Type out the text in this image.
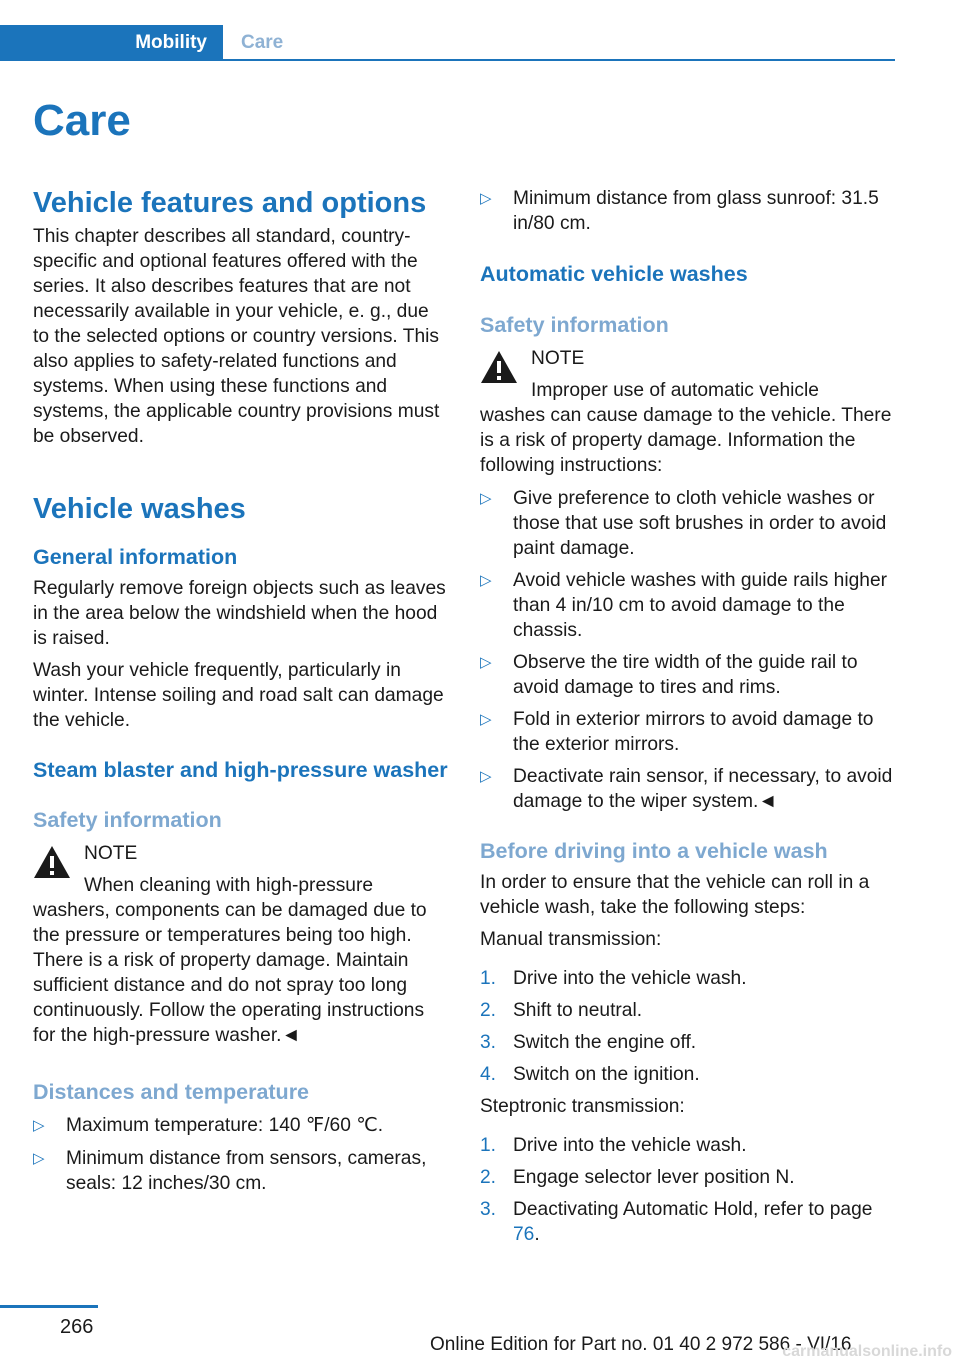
Mobility	Care
Care
Vehicle features and options

This chapter describes all standard, country-specific and optional features offered with the series. It also describes features that are not necessarily available in your vehicle, e. g., due to the selected options or country versions. This also applies to safety-related functions and systems. When using these functions and systems, the applicable country provisions must be observed.

Vehicle washes
General information

Regularly remove foreign objects such as leaves in the area below the windshield when the hood is raised.

Wash your vehicle frequently, particularly in winter. Intense soiling and road salt can damage the vehicle.

Steam blaster and high-pressure washer
Safety information
NOTE

When cleaning with high-pressure washers, components can be damaged due to the pressure or temperatures being too high. There is a risk of property damage. Maintain sufficient distance and do not spray too long continuously. Follow the operating instructions for the high-pressure washer.◄

Distances and temperature
▷ Maximum temperature: 140 ℉/60 ℃.
▷ Minimum distance from sensors, cameras, seals: 12 inches/30 cm.
▷ Minimum distance from glass sunroof: 31.5 in/80 cm.
Automatic vehicle washes
Safety information
NOTE
Improper use of automatic vehicle

washes can cause damage to the vehicle. There is a risk of property damage. Information the following instructions:

▷ Give preference to cloth vehicle washes or those that use soft brushes in order to avoid paint damage.
▷ Avoid vehicle washes with guide rails higher than 4 in/10 cm to avoid damage to the chassis.
▷ Observe the tire width of the guide rail to avoid damage to tires and rims.
▷ Fold in exterior mirrors to avoid damage to the exterior mirrors.
▷ Deactivate rain sensor, if necessary, to avoid damage to the wiper system.◄
Before driving into a vehicle wash

In order to ensure that the vehicle can roll in a vehicle wash, take the following steps:

Manual transmission:

1. Drive into the vehicle wash.
2. Shift to neutral.
3. Switch the engine off.
4. Switch on the ignition.

Steptronic transmission:

1. Drive into the vehicle wash.
2. Engage selector lever position N.
3. Deactivating Automatic Hold, refer to page 76.
266
Online Edition for Part no. 01 40 2 972 586 - VI/16
carmanualsonline.info
